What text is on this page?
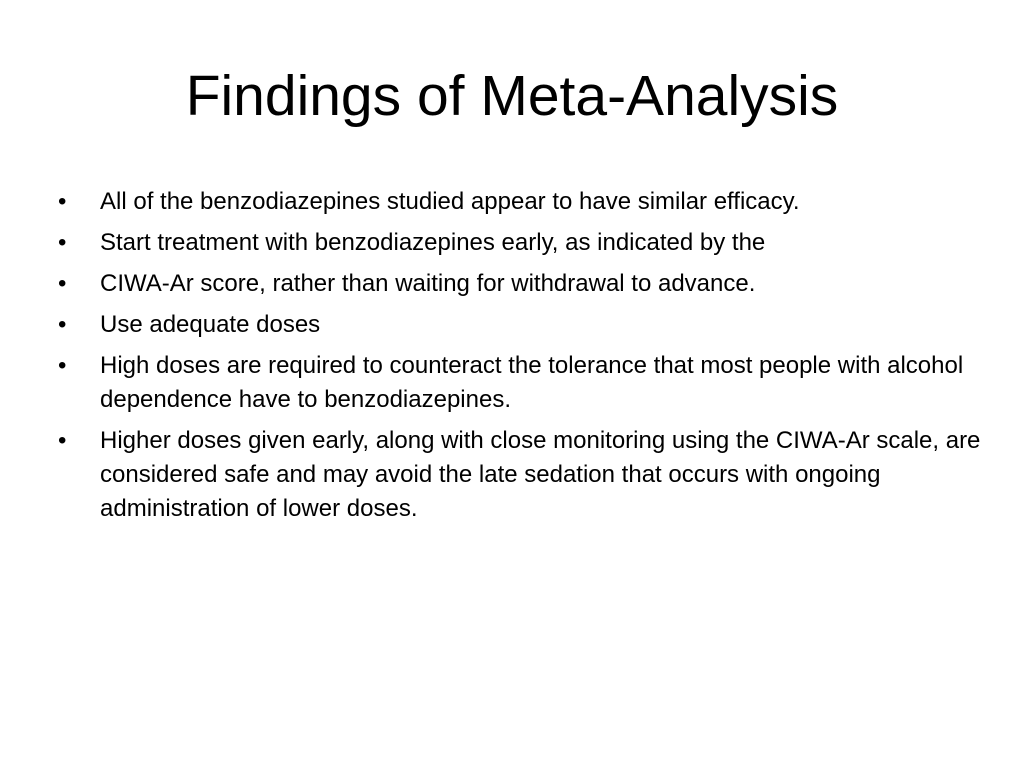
Findings of Meta-Analysis
•	All of the benzodiazepines studied appear to have similar efficacy.
•	Start treatment with benzodiazepines early, as indicated by the
•	CIWA-Ar score, rather than waiting for withdrawal to advance.
•	Use adequate doses
•	High doses are required to counteract the tolerance that most people with alcohol dependence have to benzodiazepines.
•	Higher doses given early, along with close monitoring using the CIWA-Ar scale, are considered safe and may avoid the late sedation that occurs with ongoing administration of lower doses.
